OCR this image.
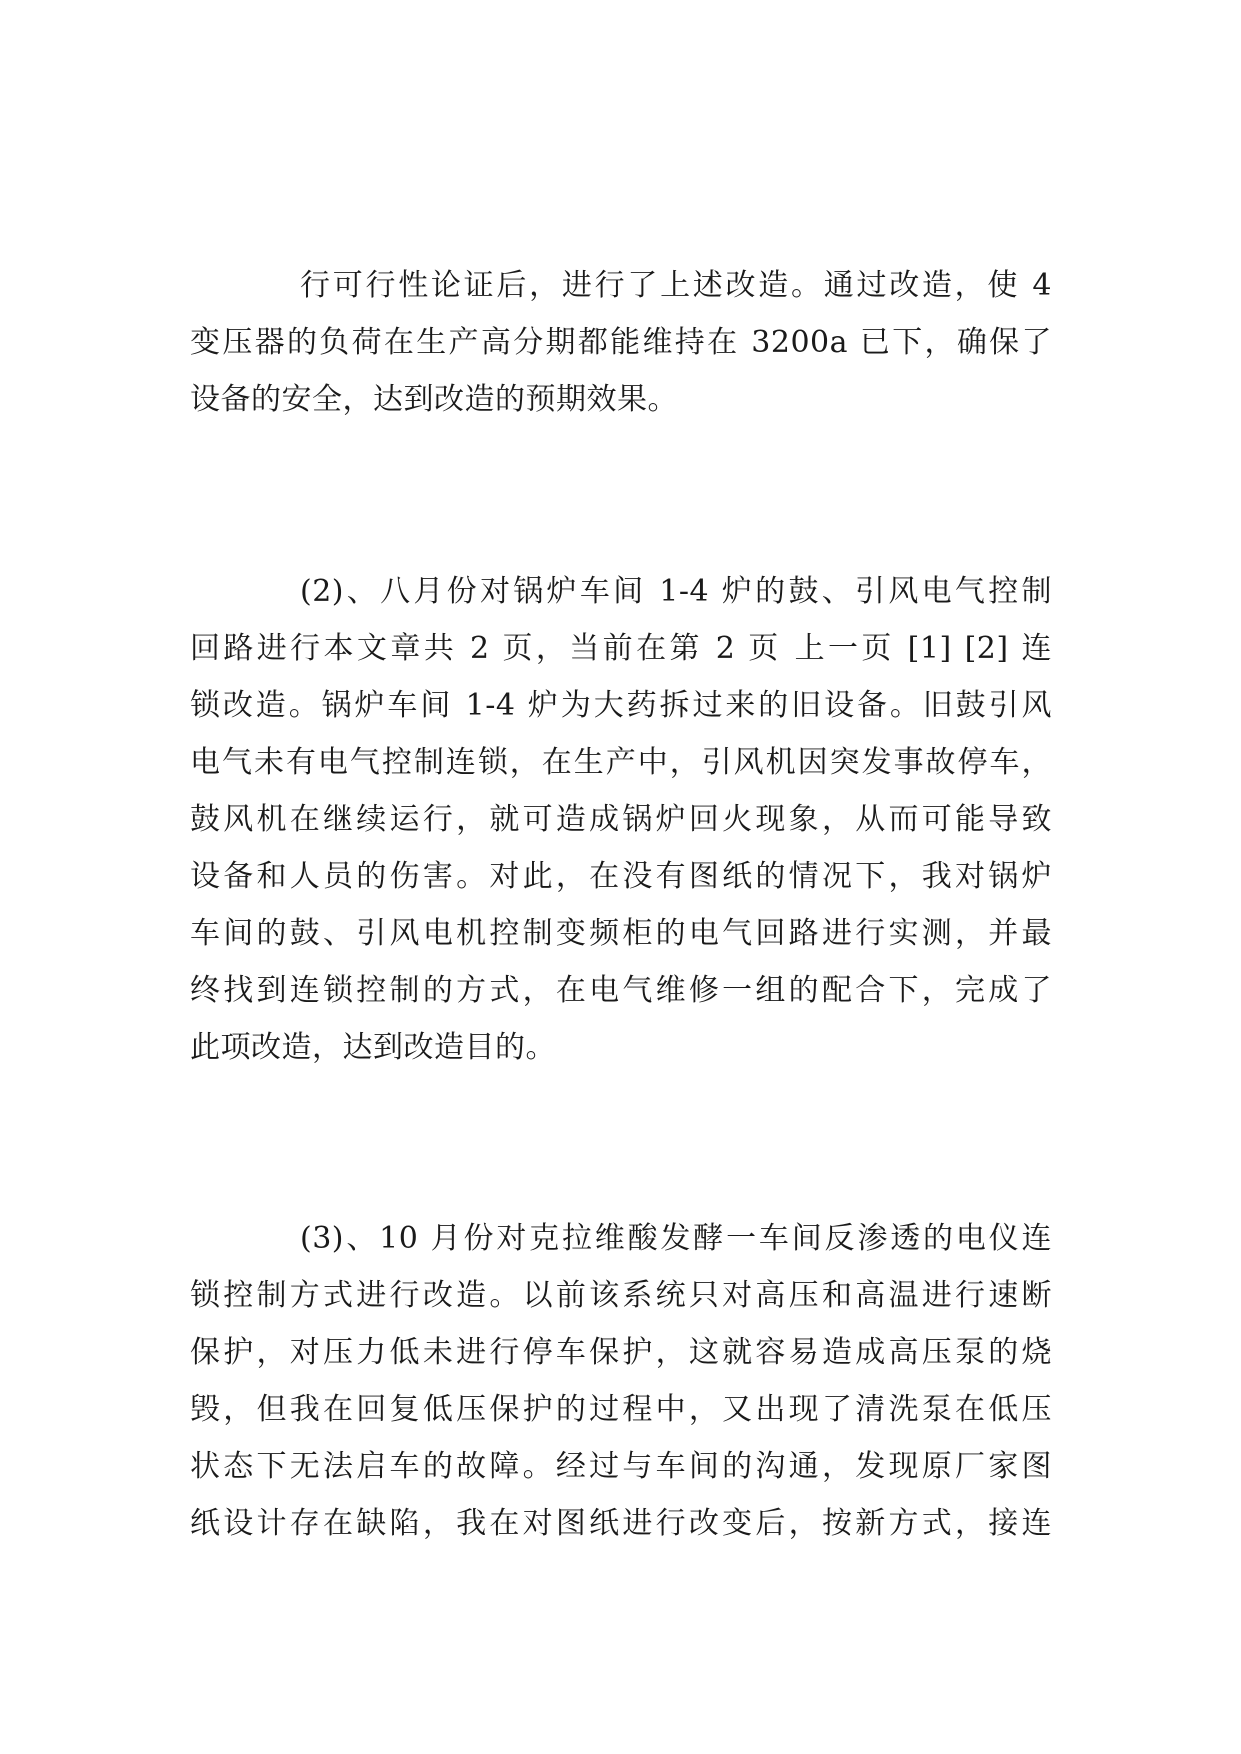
行可行性论证后，进行了上述改造。通过改造，使 4
变压器的负荷在生产高分期都能维持在 3200a 已下，确保了
设备的安全，达到改造的预期效果。
(2)、八月份对锅炉车间 1-4 炉的鼓、引风电气控制
回路进行本文章共 2 页，当前在第 2 页 上一页 [1] [2] 连
锁改造。锅炉车间 1-4 炉为大药拆过来的旧设备。旧鼓引风
电气未有电气控制连锁，在生产中，引风机因突发事故停车，
鼓风机在继续运行，就可造成锅炉回火现象，从而可能导致
设备和人员的伤害。对此，在没有图纸的情况下，我对锅炉
车间的鼓、引风电机控制变频柜的电气回路进行实测，并最
终找到连锁控制的方式，在电气维修一组的配合下，完成了
此项改造，达到改造目的。
(3)、10 月份对克拉维酸发酵一车间反渗透的电仪连
锁控制方式进行改造。以前该系统只对高压和高温进行速断
保护，对压力低未进行停车保护，这就容易造成高压泵的烧
毁，但我在回复低压保护的过程中，又出现了清洗泵在低压
状态下无法启车的故障。经过与车间的沟通，发现原厂家图
纸设计存在缺陷，我在对图纸进行改变后，按新方式，接连
